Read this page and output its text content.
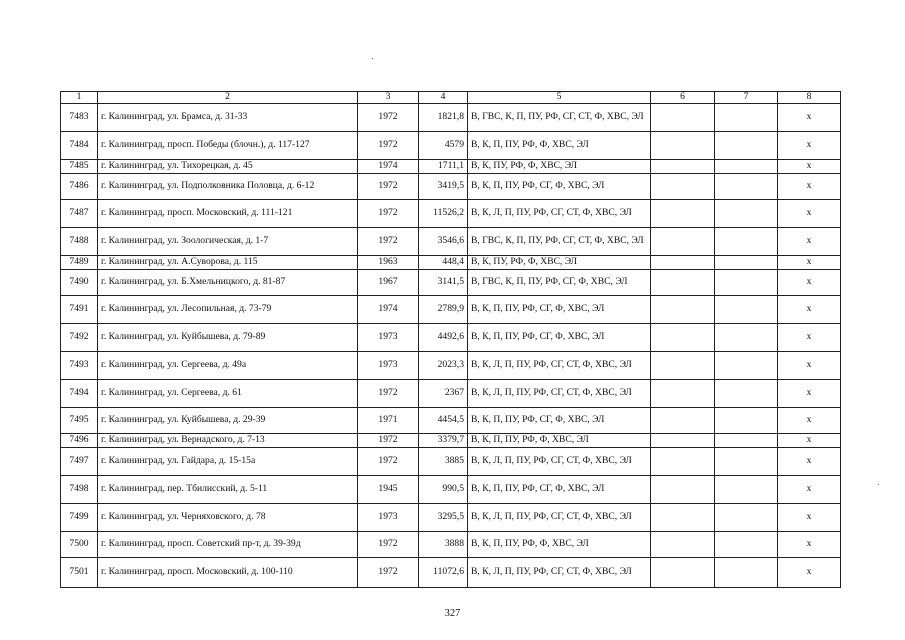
1	2	3	4	5	6	7	8
7483	г. Калининград, ул. Брамса, д. 31-33	1972	1821,8	В, ГВС, К, П, ПУ, РФ, СГ, СТ, Ф, ХВС, ЭЛ			х
7484	г. Калининград, просп. Победы (блочн.), д. 117-127	1972	4579	В, К, П, ПУ, РФ, Ф, ХВС, ЭЛ			х
7485	г. Калининград, ул. Тихорецкая, д. 45	1974	1711,1	В, К, ПУ, РФ, Ф, ХВС, ЭЛ			х
7486	г. Калининград, ул. Подполковника Половца, д. 6-12	1972	3419,5	В, К, П, ПУ, РФ, СГ, Ф, ХВС, ЭЛ			х
7487	г. Калининград, просп. Московский, д. 111-121	1972	11526,2	В, К, Л, П, ПУ, РФ, СГ, СТ, Ф, ХВС, ЭЛ			х
7488	г. Калининград, ул. Зоологическая, д. 1-7	1972	3546,6	В, ГВС, К, П, ПУ, РФ, СГ, СТ, Ф, ХВС, ЭЛ			х
7489	г. Калининград, ул. А.Суворова, д. 115	1963	448,4	В, К, ПУ, РФ, Ф, ХВС, ЭЛ			х
7490	г. Калининград, ул. Б.Хмельницкого, д. 81-87	1967	3141,5	В, ГВС, К, П, ПУ, РФ, СГ, Ф, ХВС, ЭЛ			х
7491	г. Калининград, ул. Лесопильная, д. 73-79	1974	2789,9	В, К, П, ПУ, РФ, СГ, Ф, ХВС, ЭЛ			х
7492	г. Калининград, ул. Куйбышева, д. 79-89	1973	4492,6	В, К, П, ПУ, РФ, СГ, Ф, ХВС, ЭЛ			х
7493	г. Калининград, ул. Сергеева, д. 49а	1973	2023,3	В, К, Л, П, ПУ, РФ, СГ, СТ, Ф, ХВС, ЭЛ			х
7494	г. Калининград, ул. Сергеева, д. 61	1972	2367	В, К, Л, П, ПУ, РФ, СГ, СТ, Ф, ХВС, ЭЛ			х
7495	г. Калининград, ул. Куйбышева, д. 29-39	1971	4454,5	В, К, П, ПУ, РФ, СГ, Ф, ХВС, ЭЛ			х
7496	г. Калининград, ул. Вернадского, д. 7-13	1972	3379,7	В, К, П, ПУ, РФ, Ф, ХВС, ЭЛ			х
7497	г. Калининград, ул. Гайдара, д. 15-15а	1972	3885	В, К, Л, П, ПУ, РФ, СГ, СТ, Ф, ХВС, ЭЛ			х
7498	г. Калининград, пер. Тбилисский, д. 5-11	1945	990,5	В, К, П, ПУ, РФ, СГ, Ф, ХВС, ЭЛ			х
7499	г. Калининград, ул. Черняховского, д. 78	1973	3295,5	В, К, Л, П, ПУ, РФ, СГ, СТ, Ф, ХВС, ЭЛ			х
7500	г. Калининград, просп. Советский пр-т, д. 39-39д	1972	3888	В, К, П, ПУ, РФ, Ф, ХВС, ЭЛ			х
7501	г. Калининград, просп. Московский, д. 100-110	1972	11072,6	В, К, Л, П, ПУ, РФ, СГ, СТ, Ф, ХВС, ЭЛ			х
327
